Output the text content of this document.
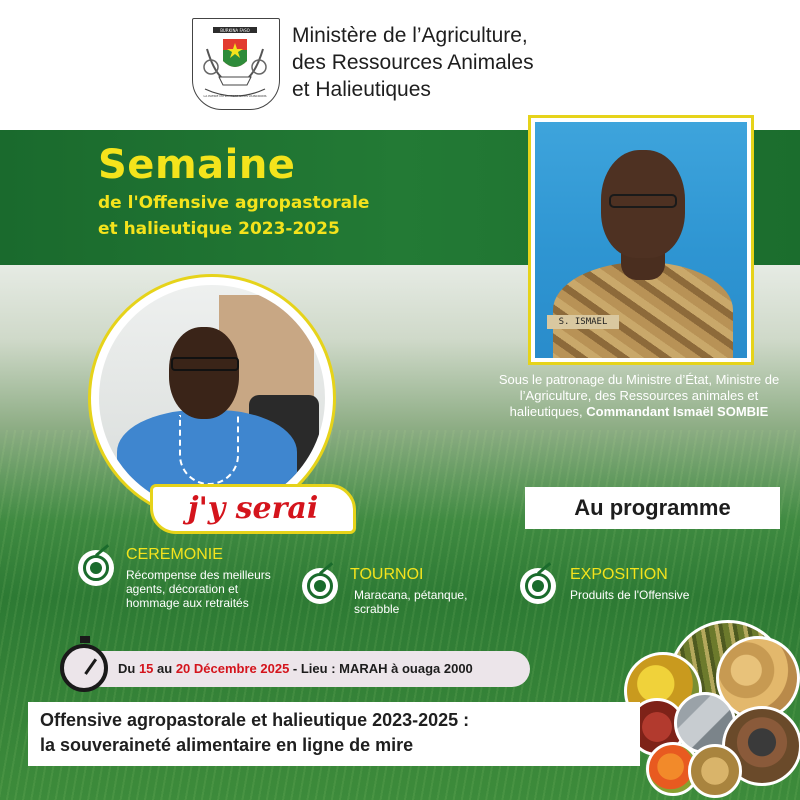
BURKINA FASO
LA PATRIE OU LA MORT NOUS VAINCRONS
Ministère de l’Agriculture,
des Ressources Animales
et Halieutiques
Semaine
de l'Offensive agropastorale
et halieutique 2023-2025
S. ISMAEL
Sous le patronage du Ministre d’État, Ministre de l’Agriculture, des Ressources animales et halieutiques, Commandant Ismaël SOMBIE
j'y serai	Au programme
CEREMONIE
Récompense des meilleurs
agents, décoration et
hommage aux retraités
TOURNOI
Maracana, pétanque,
scrabble
EXPOSITION
Produits de l'Offensive
Du 15 au 20 Décembre 2025 - Lieu : MARAH à ouaga 2000
Offensive agropastorale et halieutique 2023-2025 :
la souveraineté alimentaire en ligne de mire
